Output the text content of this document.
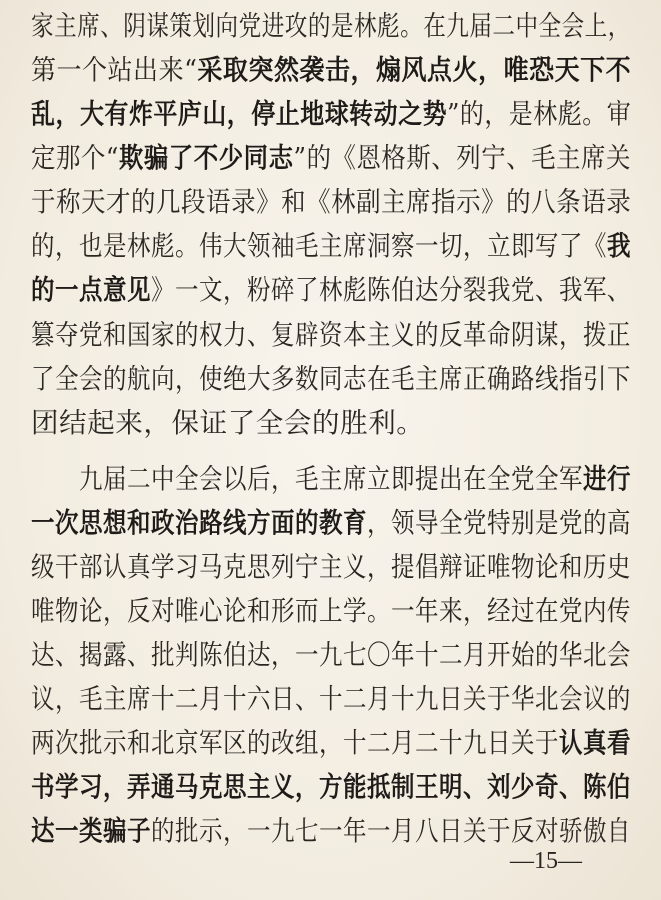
家主席、阴谋策划向党进攻的是林彪。在九届二中全会上，
第一个站出来“采取突然袭击，煽风点火，唯恐天下不
乱，大有炸平庐山，停止地球转动之势”的，是林彪。审
定那个“欺骗了不少同志”的《恩格斯、列宁、毛主席关
于称天才的几段语录》和《林副主席指示》的八条语录
的，也是林彪。伟大领袖毛主席洞察一切，立即写了《我
的一点意见》一文，粉碎了林彪陈伯达分裂我党、我军、
篡夺党和国家的权力、复辟资本主义的反革命阴谋，拨正
了全会的航向，使绝大多数同志在毛主席正确路线指引下
团结起来，保证了全会的胜利。
　　九届二中全会以后，毛主席立即提出在全党全军进行
一次思想和政治路线方面的教育，领导全党特别是党的高
级干部认真学习马克思列宁主义，提倡辩证唯物论和历史
唯物论，反对唯心论和形而上学。一年来，经过在党内传
达、揭露、批判陈伯达，一九七〇年十二月开始的华北会
议，毛主席十二月十六日、十二月十九日关于华北会议的
两次批示和北京军区的改组，十二月二十九日关于认真看
书学习，弄通马克思主义，方能抵制王明、刘少奇、陈伯
达一类骗子的批示，一九七一年一月八日关于反对骄傲自
—15—
